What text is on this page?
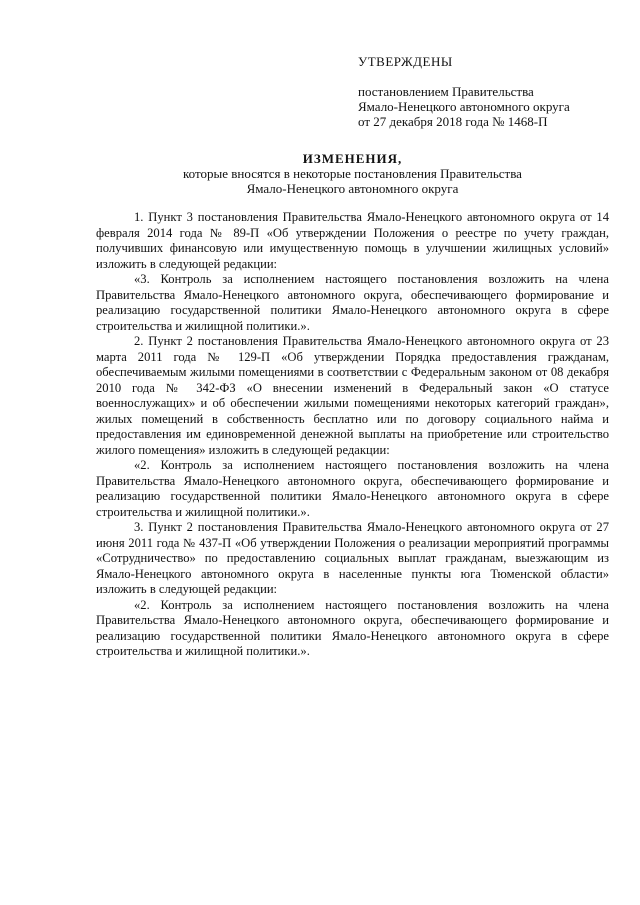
УТВЕРЖДЕНЫ
постановлением Правительства
Ямало-Ненецкого автономного округа
от 27 декабря 2018 года № 1468-П
ИЗМЕНЕНИЯ,
которые вносятся в некоторые постановления Правительства
Ямало-Ненецкого автономного округа

1. Пункт 3 постановления Правительства Ямало-Ненецкого автономного округа от 14 февраля 2014 года № 89-П «Об утверждении Положения о реестре по учету граждан, получивших финансовую или имущественную помощь в улучшении жилищных условий» изложить в следующей редакции:

«3. Контроль за исполнением настоящего постановления возложить на члена Правительства Ямало-Ненецкого автономного округа, обеспечивающего формирование и реализацию государственной политики Ямало-Ненецкого автономного округа в сфере строительства и жилищной политики.».

2. Пункт 2 постановления Правительства Ямало-Ненецкого автономного округа от 23 марта 2011 года № 129-П «Об утверждении Порядка предоставления гражданам, обеспечиваемым жилыми помещениями в соответствии с Федеральным законом от 08 декабря 2010 года № 342-ФЗ «О внесении изменений в Федеральный закон «О статусе военнослужащих» и об обеспечении жилыми помещениями некоторых категорий граждан», жилых помещений в собственность бесплатно или по договору социального найма и предоставления им единовременной денежной выплаты на приобретение или строительство жилого помещения» изложить в следующей редакции:

«2. Контроль за исполнением настоящего постановления возложить на члена Правительства Ямало-Ненецкого автономного округа, обеспечивающего формирование и реализацию государственной политики Ямало-Ненецкого автономного округа в сфере строительства и жилищной политики.».

3. Пункт 2 постановления Правительства Ямало-Ненецкого автономного округа от 27 июня 2011 года № 437-П «Об утверждении Положения о реализации мероприятий программы «Сотрудничество» по предоставлению социальных выплат гражданам, выезжающим из Ямало-Ненецкого автономного округа в населенные пункты юга Тюменской области» изложить в следующей редакции:

«2. Контроль за исполнением настоящего постановления возложить на члена Правительства Ямало-Ненецкого автономного округа, обеспечивающего формирование и реализацию государственной политики Ямало-Ненецкого автономного округа в сфере строительства и жилищной политики.».
